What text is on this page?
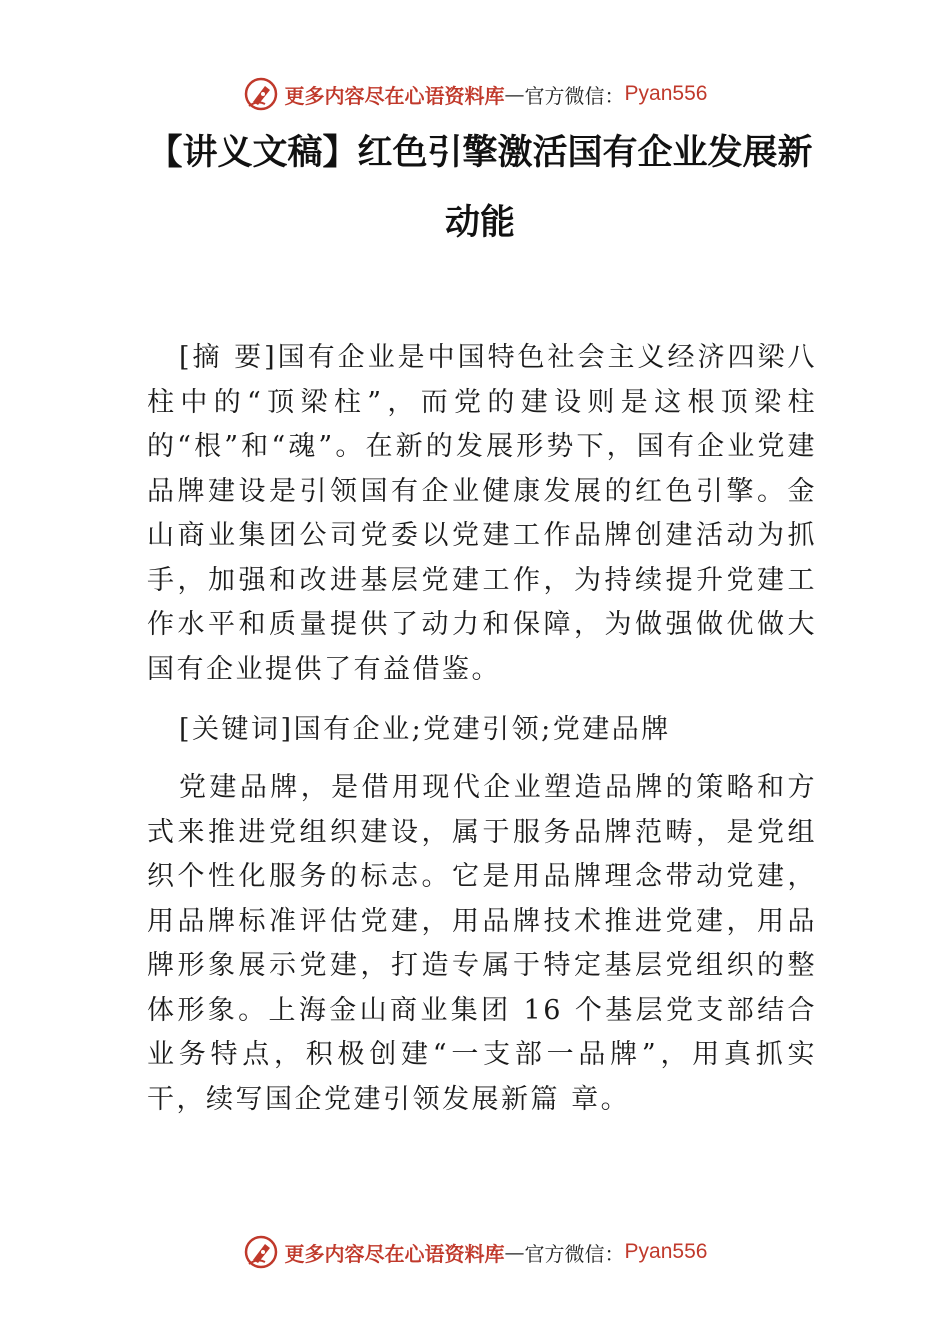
更多内容尽在心语资料库 — 官方微信： Pyan556
【讲义文稿】红色引擎激活国有企业发展新动能

[摘 要]国有企业是中国特色社会主义经济四梁八柱中的“顶梁柱”，而党的建设则是这根顶梁柱的“根”和“魂”。在新的发展形势下，国有企业党建品牌建设是引领国有企业健康发展的红色引擎。金山商业集团公司党委以党建工作品牌创建活动为抓手，加强和改进基层党建工作，为持续提升党建工作水平和质量提供了动力和保障，为做强做优做大国有企业提供了有益借鉴。

[关键词]国有企业;党建引领;党建品牌

党建品牌，是借用现代企业塑造品牌的策略和方式来推进党组织建设，属于服务品牌范畴，是党组织个性化服务的标志。它是用品牌理念带动党建，用品牌标准评估党建，用品牌技术推进党建，用品牌形象展示党建，打造专属于特定基层党组织的整体形象。上海金山商业集团 16 个基层党支部结合业务特点，积极创建“一支部一品牌”，用真抓实干，续写国企党建引领发展新篇 章。

更多内容尽在心语资料库 — 官方微信： Pyan556
